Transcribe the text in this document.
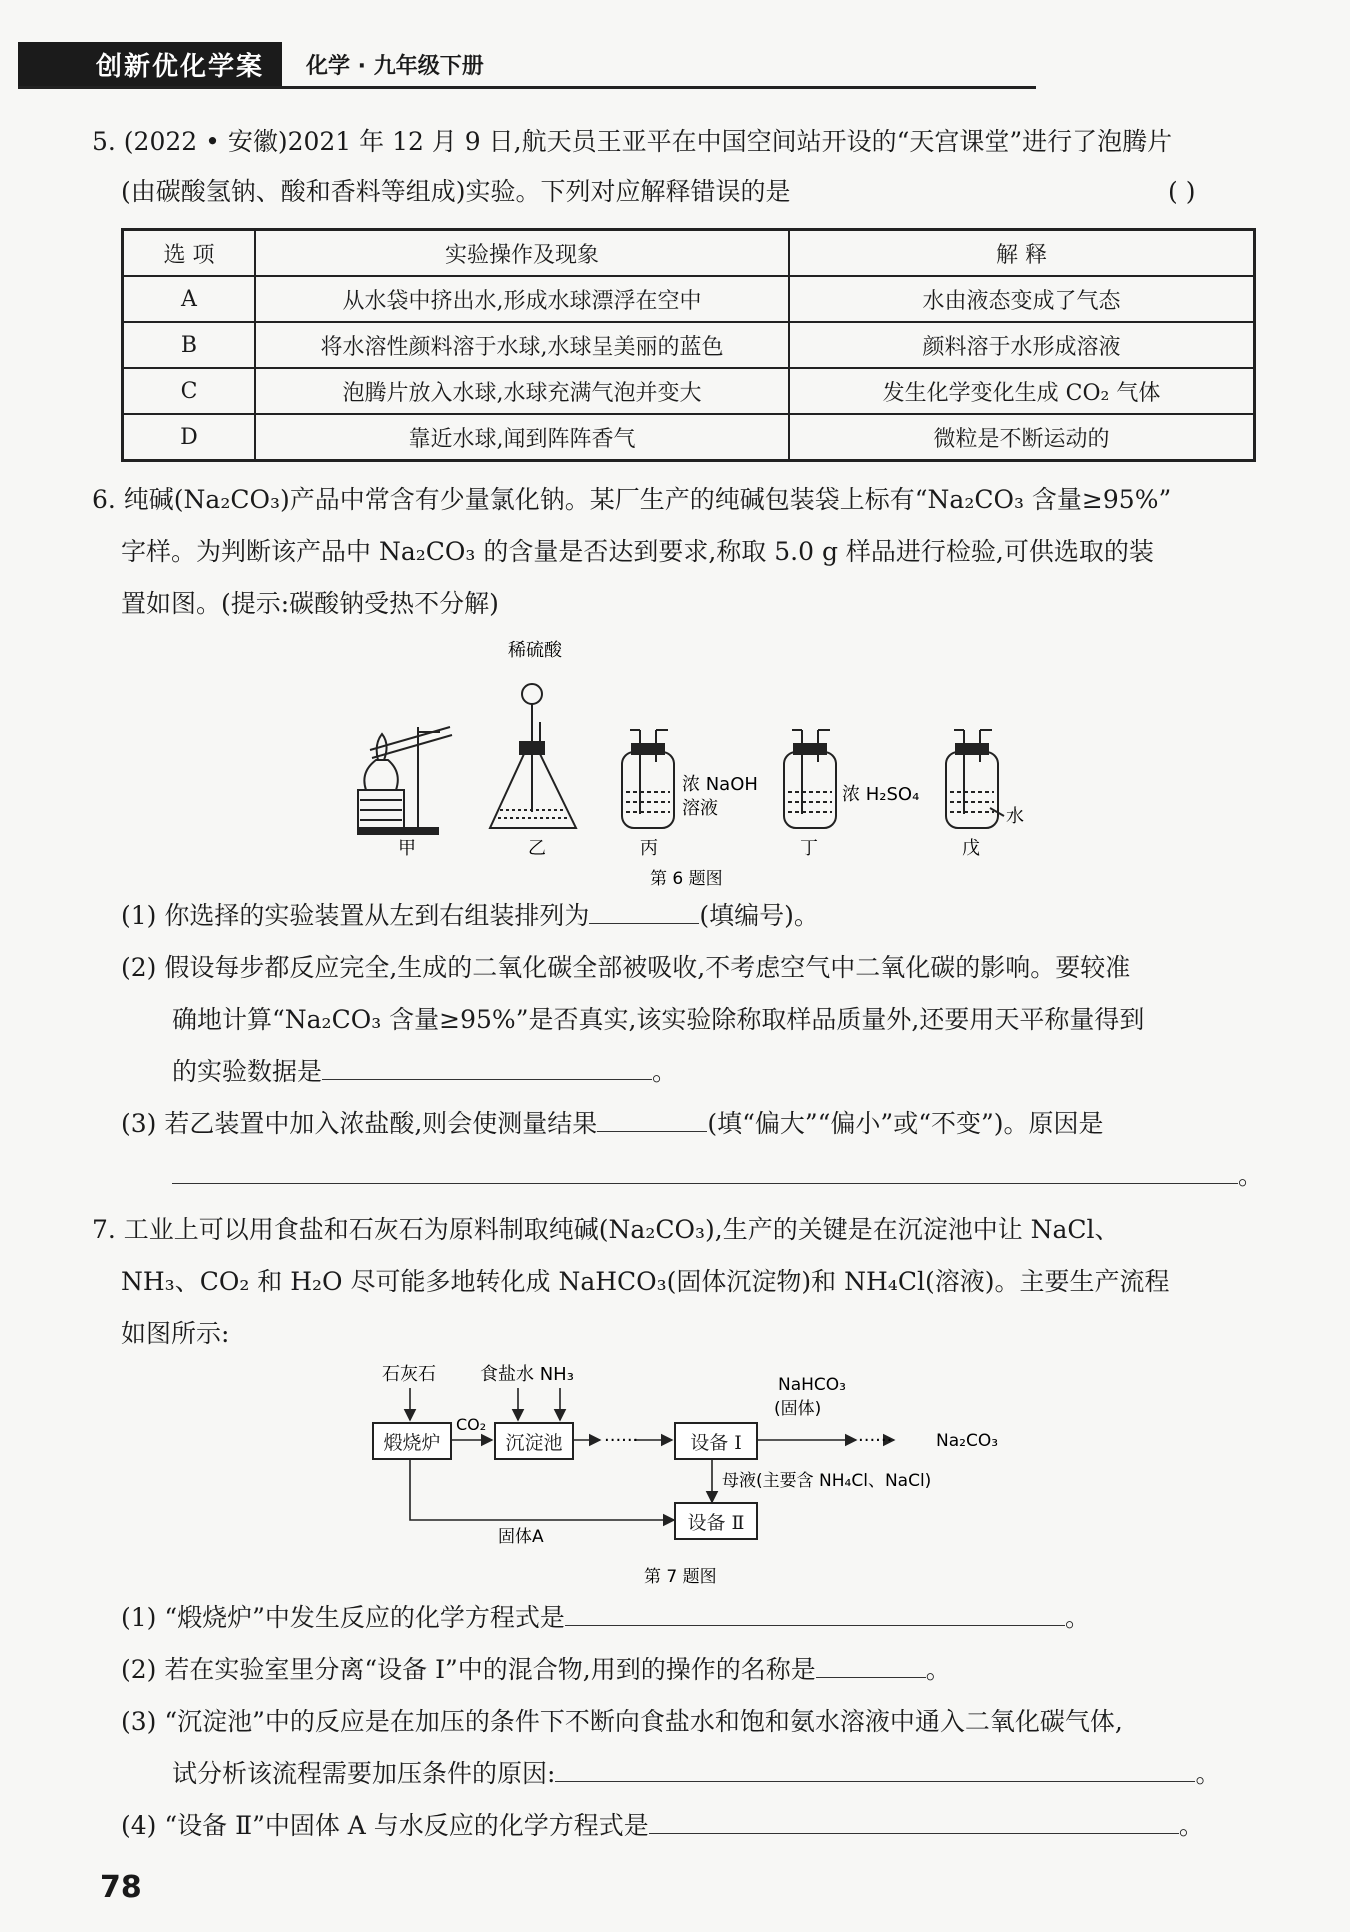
创新优化学案	化学 · 九年级下册
5. (2022 • 安徽)2021 年 12 月 9 日,航天员王亚平在中国空间站开设的“天宫课堂”进行了泡腾片
(由碳酸氢钠、酸和香料等组成)实验。下列对应解释错误的是	( )
选 项	实验操作及现象	解 释
A	从水袋中挤出水,形成水球漂浮在空中	水由液态变成了气态
B	将水溶性颜料溶于水球,水球呈美丽的蓝色	颜料溶于水形成溶液
C	泡腾片放入水球,水球充满气泡并变大	发生化学变化生成 CO₂ 气体
D	靠近水球,闻到阵阵香气	微粒是不断运动的
6. 纯碱(Na₂CO₃)产品中常含有少量氯化钠。某厂生产的纯碱包装袋上标有“Na₂CO₃ 含量≥95%”
字样。为判断该产品中 Na₂CO₃ 的含量是否达到要求,称取 5.0 g 样品进行检验,可供选取的装
置如图。(提示:碳酸钠受热不分解)
稀硫酸
浓 NaOH
溶液
浓 H₂SO₄
水
甲	乙	丙	丁	戊
第 6 题图
(1) 你选择的实验装置从左到右组装排列为	(填编号)。
(2) 假设每步都反应完全,生成的二氧化碳全部被吸收,不考虑空气中二氧化碳的影响。要较准
确地计算“Na₂CO₃ 含量≥95%”是否真实,该实验除称取样品质量外,还要用天平称量得到
的实验数据是	。
(3) 若乙装置中加入浓盐酸,则会使测量结果	(填“偏大”“偏小”或“不变”)。原因是
。
7. 工业上可以用食盐和石灰石为原料制取纯碱(Na₂CO₃),生产的关键是在沉淀池中让 NaCl、
NH₃、CO₂ 和 H₂O 尽可能多地转化成 NaHCO₃(固体沉淀物)和 NH₄Cl(溶液)。主要生产流程
如图所示:
石灰石 食盐水 NH₃
CO₂
······
NaHCO₃
(固体)
······	Na₂CO₃
母液(主要含 NH₄Cl、NaCl)
固体A
第 7 题图
煅烧炉	沉淀池	设备 Ⅰ
设备 Ⅱ
(1) “煅烧炉”中发生反应的化学方程式是	。
(2) 若在实验室里分离“设备 Ⅰ”中的混合物,用到的操作的名称是	。
(3) “沉淀池”中的反应是在加压的条件下不断向食盐水和饱和氨水溶液中通入二氧化碳气体,
试分析该流程需要加压条件的原因:	。
(4) “设备 Ⅱ”中固体 A 与水反应的化学方程式是	。
78
